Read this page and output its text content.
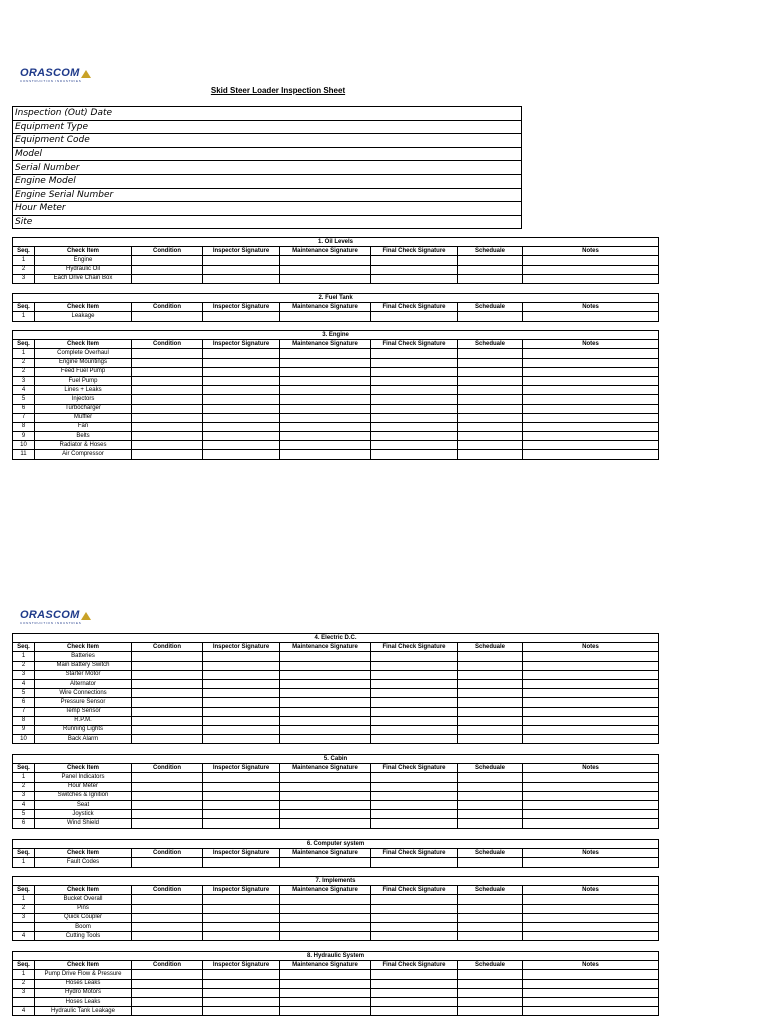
ORASCOM
CONSTRUCTION INDUSTRIES
ORASCOM
CONSTRUCTION INDUSTRIES
Skid Steer Loader Inspection Sheet
Inspection (Out) Date
Equipment Type
Equipment Code
Model
Serial Number
Engine Model
Engine Serial Number
Hour Meter
Site
1. Oil Levels							
Seq.	Check Item	Condition	Inspector Signature	Maintenance Signature	Final Check Signature	Scheduale	Notes
1	Engine						
2	Hydraulic Oil						
3	Each Drive Chain Box						
2. Fuel Tank							
Seq.	Check Item	Condition	Inspector Signature	Maintenance Signature	Final Check Signature	Scheduale	Notes
1	Leakage						
3. Engine							
Seq.	Check Item	Condition	Inspector Signature	Maintenance Signature	Final Check Signature	Scheduale	Notes
1	Complete Overhaul						
2	Engine Mountings						
2	Feed Fuel Pump						
3	Fuel Pump						
4	Lines + Leaks						
5	Injectors						
6	Turbocharger						
7	Muffler						
8	Fan						
9	Belts						
10	Radiator & Hoses						
11	Air Compressor						
4. Electric D.C.							
Seq.	Check Item	Condition	Inspector Signature	Maintenance Signature	Final Check Signature	Scheduale	Notes
1	Batteries						
2	Main Battery Switch						
3	Starter Motor						
4	Alternator						
5	Wire Connections						
6	Pressure Sensor						
7	Temp Sensor						
8	R.P.M.						
9	Running Lights						
10	Back Alarm						
5. Cabin							
Seq.	Check Item	Condition	Inspector Signature	Maintenance Signature	Final Check Signature	Scheduale	Notes
1	Panel Indicators						
2	Hour Meter						
3	Switches & Ignition						
4	Seat						
5	Joystick						
6	Wind Shield						
6. Computer system							
Seq.	Check Item	Condition	Inspector Signature	Maintenance Signature	Final Check Signature	Scheduale	Notes
1	Fault Codes						
7. Implements							
Seq.	Check Item	Condition	Inspector Signature	Maintenance Signature	Final Check Signature	Scheduale	Notes
1	Bucket Overall						
2	Pins						
3	Quick Coupler						
	Boom						
4	Cutting Tools						
8. Hydraulic System							
Seq.	Check Item	Condition	Inspector Signature	Maintenance Signature	Final Check Signature	Scheduale	Notes
1	Pump Drive Flow & Pressure						
2	Hoses Leaks						
3	Hydro Motors						
	Hoses Leaks						
4	Hydraulic Tank Leakage						
